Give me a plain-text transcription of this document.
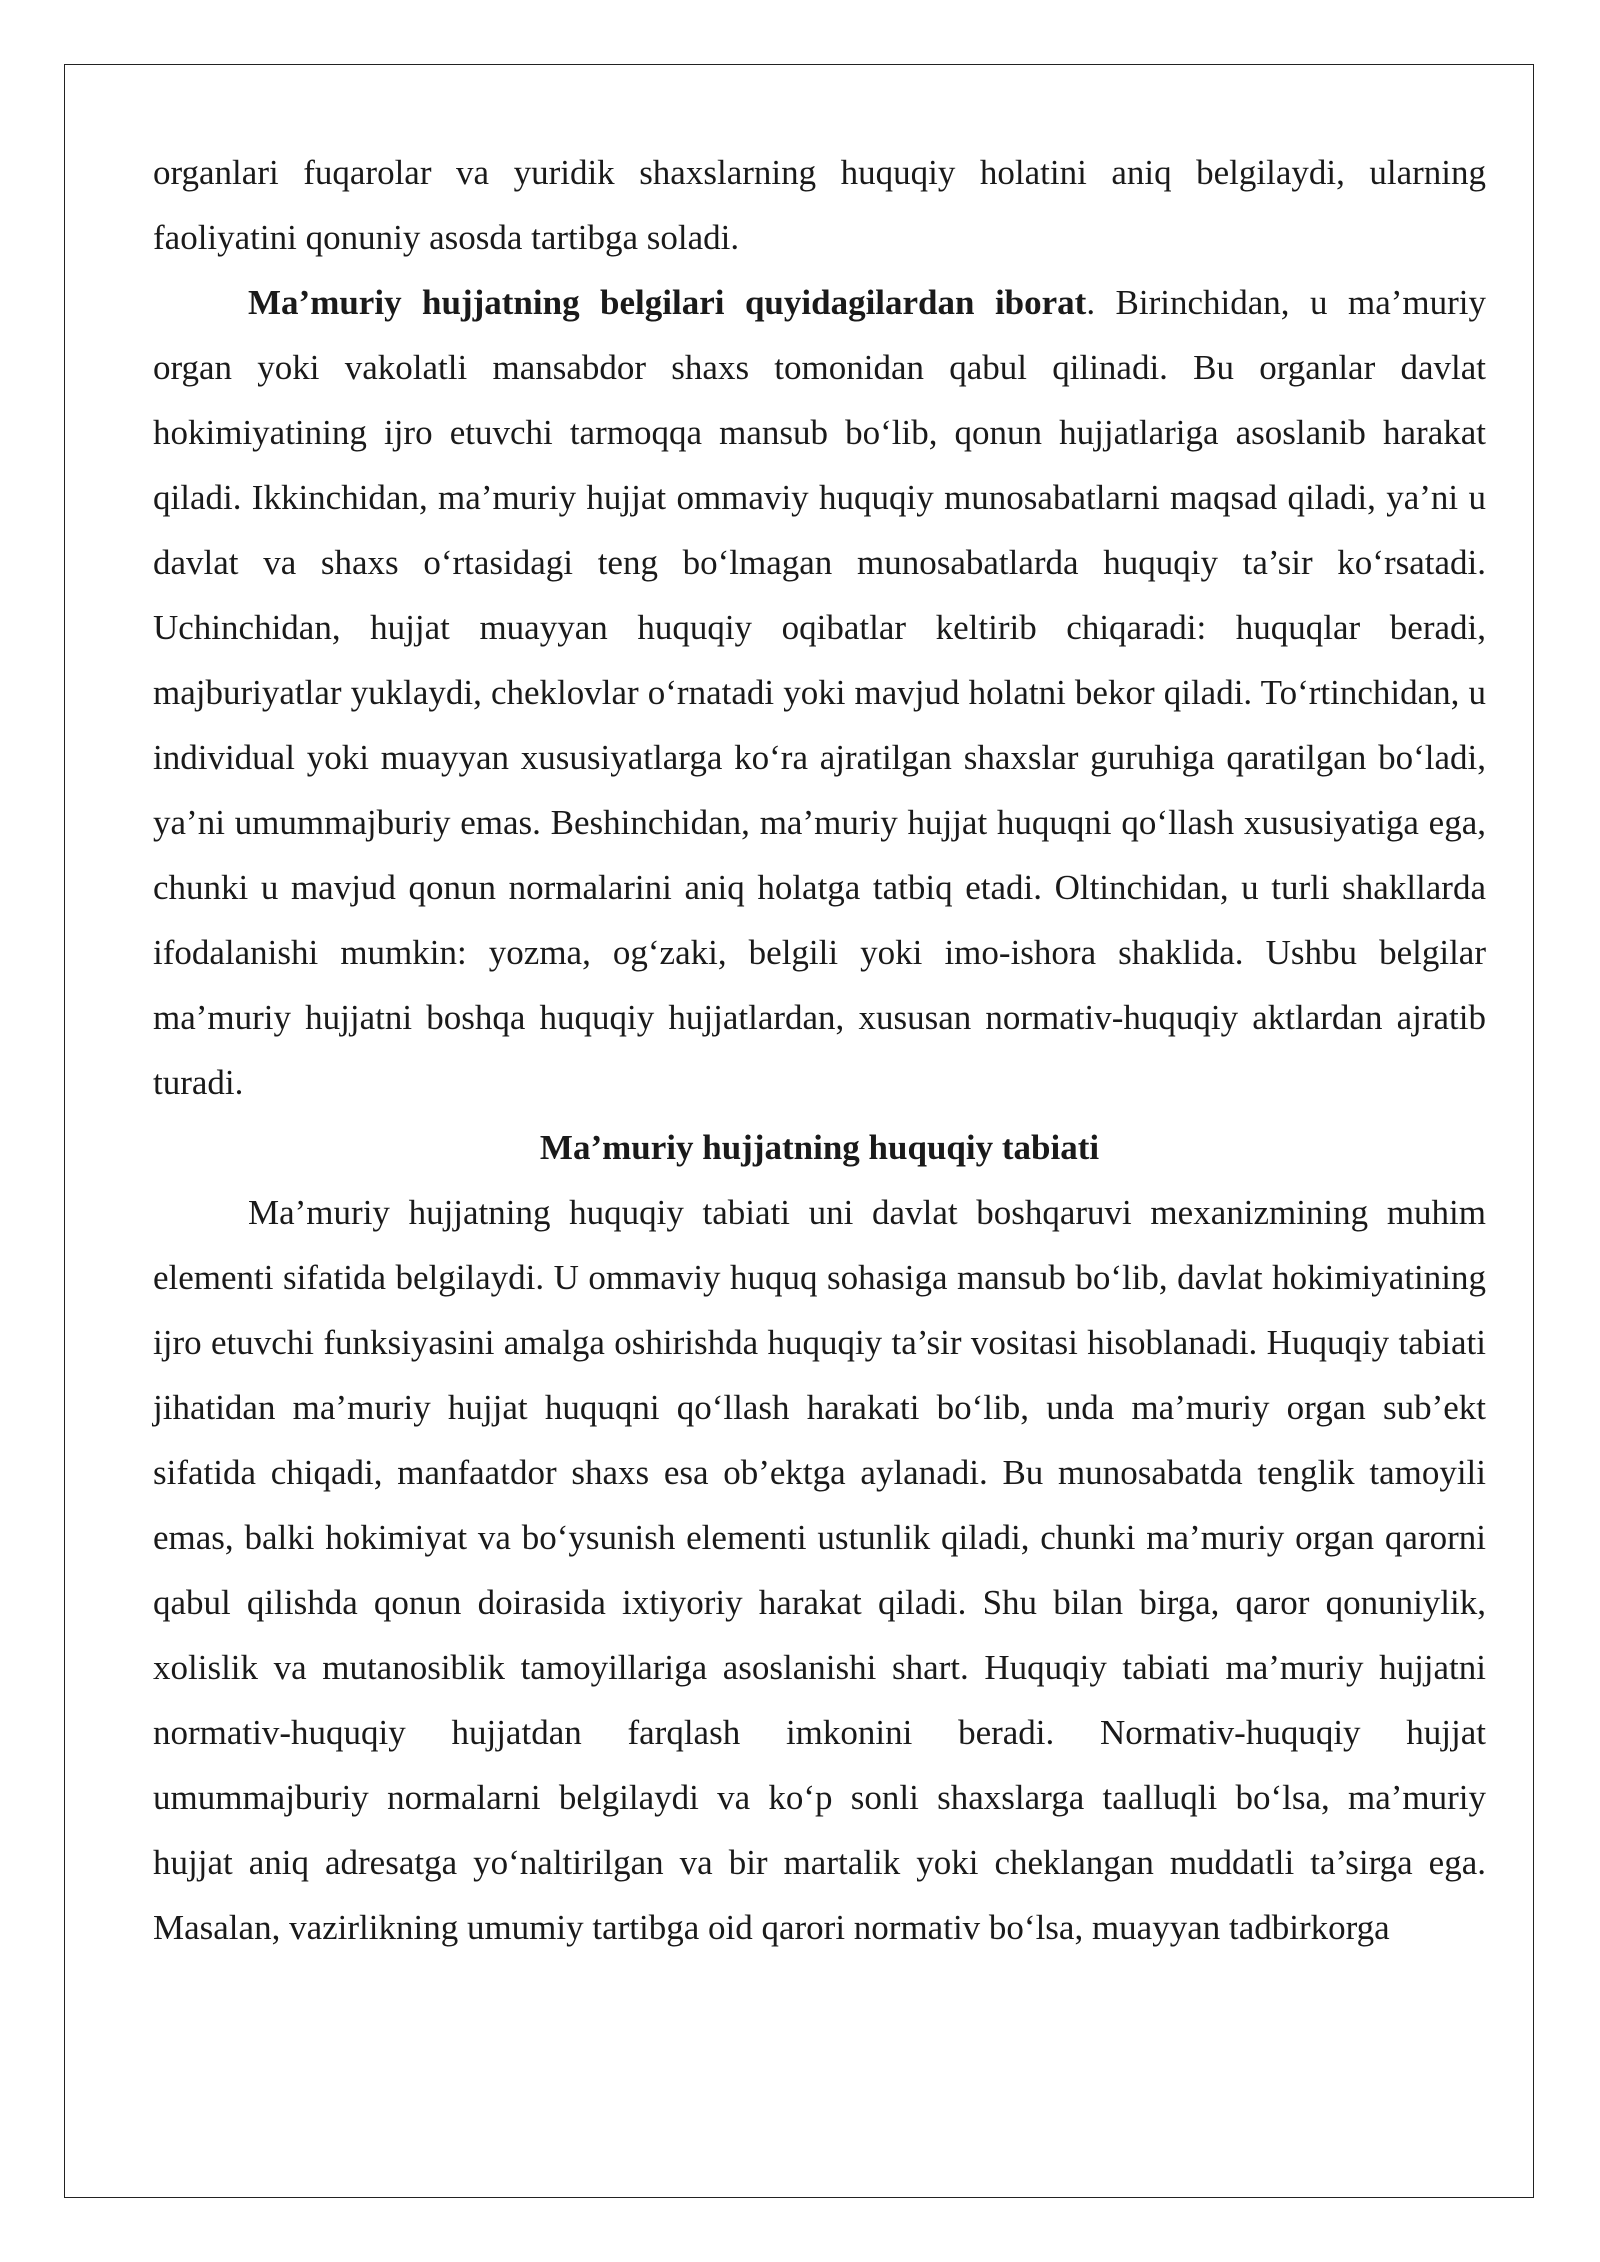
organlari fuqarolar va yuridik shaxslarning huquqiy holatini aniq belgilaydi, ularning faoliyatini qonuniy asosda tartibga soladi.

Ma’muriy hujjatning belgilari quyidagilardan iborat. Birinchidan, u ma’muriy organ yoki vakolatli mansabdor shaxs tomonidan qabul qilinadi. Bu organlar davlat hokimiyatining ijro etuvchi tarmoqqa mansub bo‘lib, qonun hujjatlariga asoslanib harakat qiladi. Ikkinchidan, ma’muriy hujjat ommaviy huquqiy munosabatlarni maqsad qiladi, ya’ni u davlat va shaxs o‘rtasidagi teng bo‘lmagan munosabatlarda huquqiy ta’sir ko‘rsatadi. Uchinchidan, hujjat muayyan huquqiy oqibatlar keltirib chiqaradi: huquqlar beradi, majburiyatlar yuklaydi, cheklovlar o‘rnatadi yoki mavjud holatni bekor qiladi. To‘rtinchidan, u individual yoki muayyan xususiyatlarga ko‘ra ajratilgan shaxslar guruhiga qaratilgan bo‘ladi, ya’ni umummajburiy emas. Beshinchidan, ma’muriy hujjat huquqni qo‘llash xususiyatiga ega, chunki u mavjud qonun normalarini aniq holatga tatbiq etadi. Oltinchidan, u turli shakllarda ifodalanishi mumkin: yozma, og‘zaki, belgili yoki imo-ishora shaklida. Ushbu belgilar ma’muriy hujjatni boshqa huquqiy hujjatlardan, xususan normativ-huquqiy aktlardan ajratib turadi.

Ma’muriy hujjatning huquqiy tabiati

Ma’muriy hujjatning huquqiy tabiati uni davlat boshqaruvi mexanizmining muhim elementi sifatida belgilaydi. U ommaviy huquq sohasiga mansub bo‘lib, davlat hokimiyatining ijro etuvchi funksiyasini amalga oshirishda huquqiy ta’sir vositasi hisoblanadi. Huquqiy tabiati jihatidan ma’muriy hujjat huquqni qo‘llash harakati bo‘lib, unda ma’muriy organ sub’ekt sifatida chiqadi, manfaatdor shaxs esa ob’ektga aylanadi. Bu munosabatda tenglik tamoyili emas, balki hokimiyat va bo‘ysunish elementi ustunlik qiladi, chunki ma’muriy organ qarorni qabul qilishda qonun doirasida ixtiyoriy harakat qiladi. Shu bilan birga, qaror qonuniylik, xolislik va mutanosiblik tamoyillariga asoslanishi shart. Huquqiy tabiati ma’muriy hujjatni normativ-huquqiy hujjatdan farqlash imkonini beradi. Normativ-huquqiy hujjat umummajburiy normalarni belgilaydi va ko‘p sonli shaxslarga taalluqli bo‘lsa, ma’muriy hujjat aniq adresatga yo‘naltirilgan va bir martalik yoki cheklangan muddatli ta’sirga ega. Masalan, vazirlikning umumiy tartibga oid qarori normativ bo‘lsa, muayyan tadbirkorga
